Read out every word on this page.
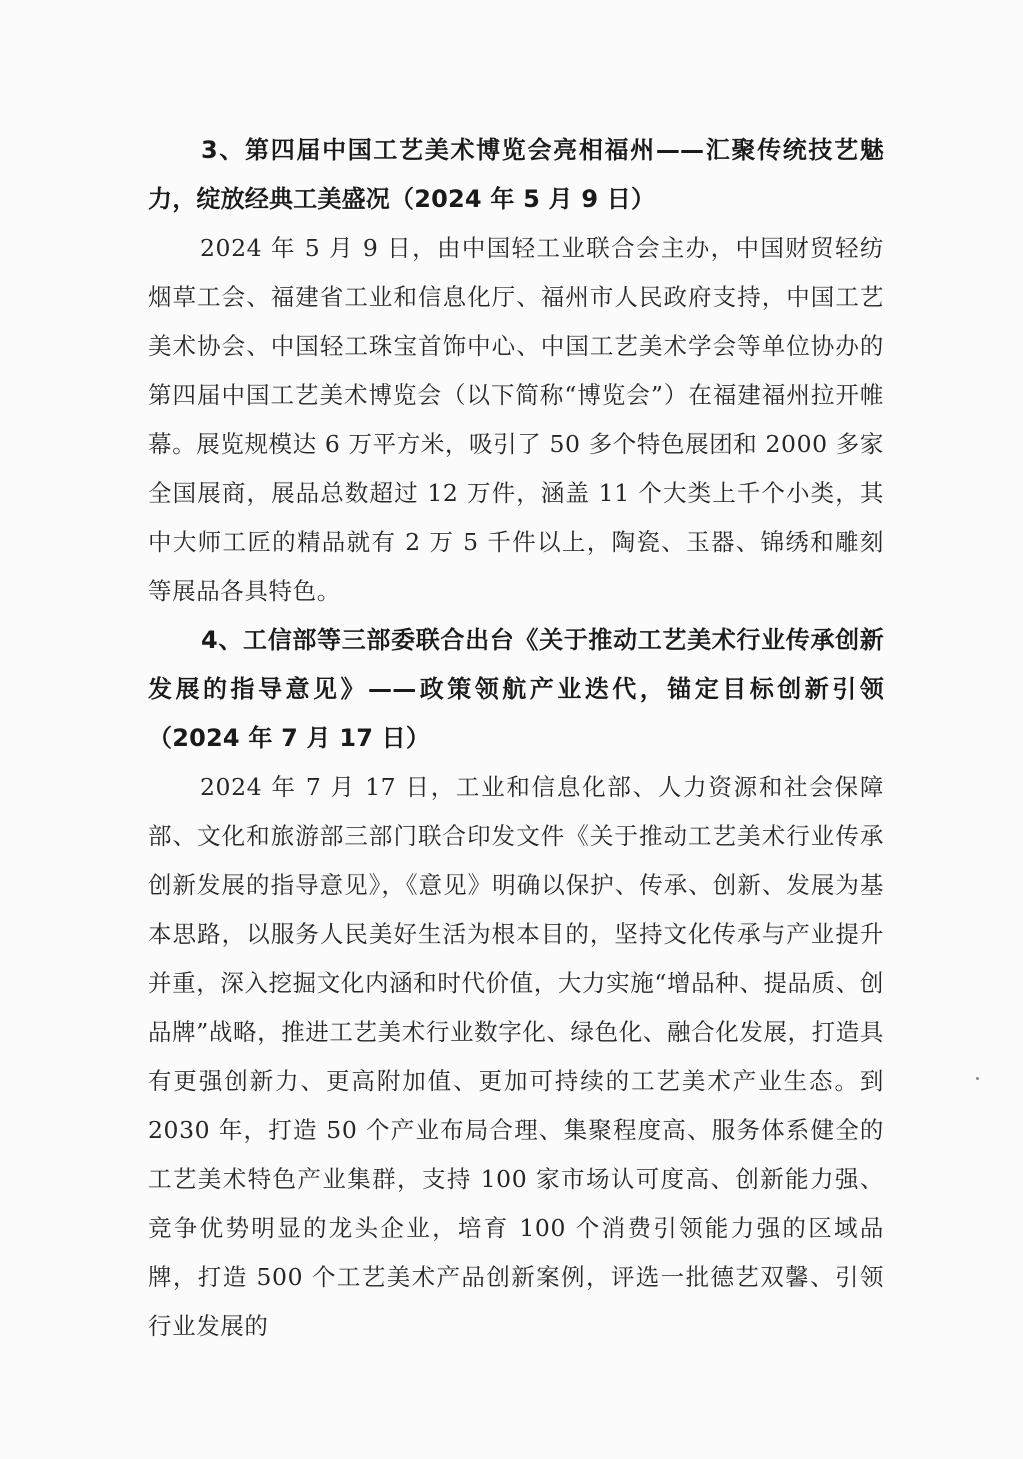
3、第四届中国工艺美术博览会亮相福州——汇聚传统技艺魅力，绽放经典工美盛况（2024 年 5 月 9 日）

2024 年 5 月 9 日，由中国轻工业联合会主办，中国财贸轻纺烟草工会、福建省工业和信息化厅、福州市人民政府支持，中国工艺美术协会、中国轻工珠宝首饰中心、中国工艺美术学会等单位协办的第四届中国工艺美术博览会（以下简称“博览会”）在福建福州拉开帷幕。展览规模达 6 万平方米，吸引了 50 多个特色展团和 2000 多家全国展商，展品总数超过 12 万件，涵盖 11 个大类上千个小类，其中大师工匠的精品就有 2 万 5 千件以上，陶瓷、玉器、锦绣和雕刻等展品各具特色。

4、工信部等三部委联合出台《关于推动工艺美术行业传承创新发展的指导意见》——政策领航产业迭代，锚定目标创新引领（2024 年 7 月 17 日）

2024 年 7 月 17 日，工业和信息化部、人力资源和社会保障部、文化和旅游部三部门联合印发文件《关于推动工艺美术行业传承创新发展的指导意见》，《意见》明确以保护、传承、创新、发展为基本思路，以服务人民美好生活为根本目的，坚持文化传承与产业提升并重，深入挖掘文化内涵和时代价值，大力实施“增品种、提品质、创品牌”战略，推进工艺美术行业数字化、绿色化、融合化发展，打造具有更强创新力、更高附加值、更加可持续的工艺美术产业生态。到 2030 年，打造 50 个产业布局合理、集聚程度高、服务体系健全的工艺美术特色产业集群，支持 100 家市场认可度高、创新能力强、竞争优势明显的龙头企业，培育 100 个消费引领能力强的区域品牌，打造 500 个工艺美术产品创新案例，评选一批德艺双馨、引领行业发展的
